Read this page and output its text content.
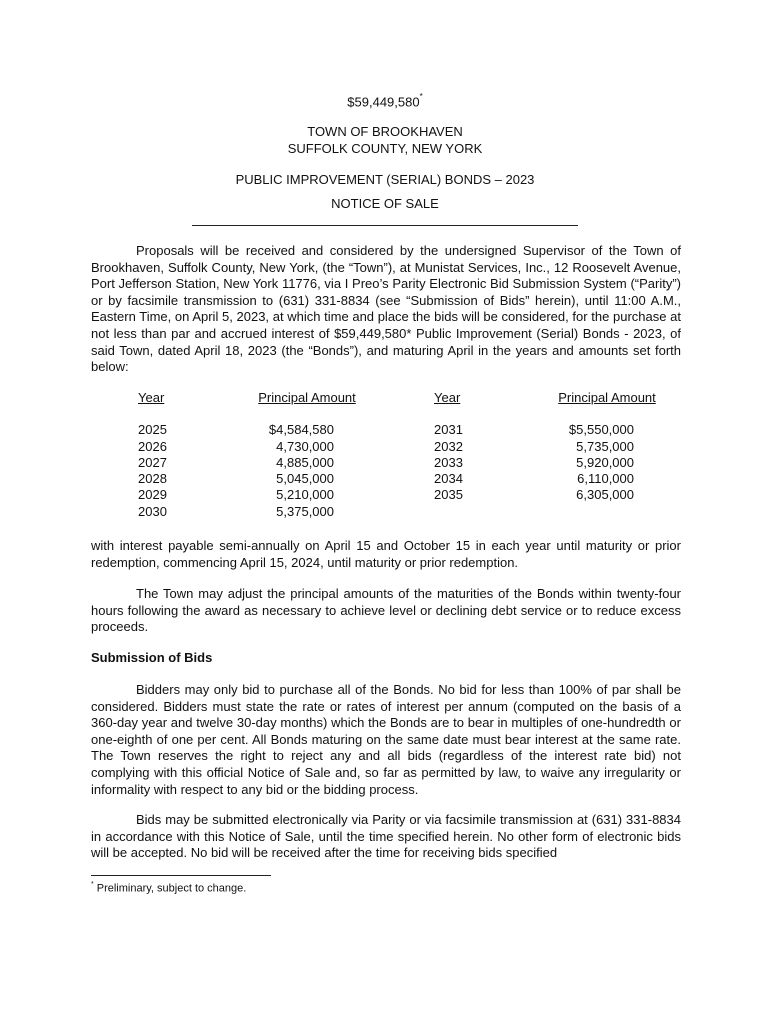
$59,449,580*
TOWN OF BROOKHAVEN
SUFFOLK COUNTY, NEW YORK
PUBLIC IMPROVEMENT (SERIAL) BONDS – 2023
NOTICE OF SALE

Proposals will be received and considered by the undersigned Supervisor of the Town of Brookhaven, Suffolk County, New York, (the “Town”), at Munistat Services, Inc., 12 Roosevelt Avenue, Port Jefferson Station, New York 11776, via I Preo’s Parity Electronic Bid Submission System (“Parity”) or by facsimile transmission to (631) 331-8834 (see “Submission of Bids” herein), until 11:00 A.M., Eastern Time, on April 5, 2023, at which time and place the bids will be considered, for the purchase at not less than par and accrued interest of $59,449,580* Public Improvement (Serial) Bonds - 2023, of said Town, dated April 18, 2023 (the “Bonds”), and maturing April in the years and amounts set forth below:

Year
2025
2026
2027
2028
2029
2030
Principal Amount
$4,584,580
4,730,000
4,885,000
5,045,000
5,210,000
5,375,000
Year
2031
2032
2033
2034
2035
Principal Amount
$5,550,000
5,735,000
5,920,000
6,110,000
6,305,000

with interest payable semi-annually on April 15 and October 15 in each year until maturity or prior redemption, commencing April 15, 2024, until maturity or prior redemption.

The Town may adjust the principal amounts of the maturities of the Bonds within twenty-four hours following the award as necessary to achieve level or declining debt service or to reduce excess proceeds.

Submission of Bids

Bidders may only bid to purchase all of the Bonds. No bid for less than 100% of par shall be considered. Bidders must state the rate or rates of interest per annum (computed on the basis of a 360-day year and twelve 30-day months) which the Bonds are to bear in multiples of one-hundredth or one-eighth of one per cent. All Bonds maturing on the same date must bear interest at the same rate. The Town reserves the right to reject any and all bids (regardless of the interest rate bid) not complying with this official Notice of Sale and, so far as permitted by law, to waive any irregularity or informality with respect to any bid or the bidding process.

Bids may be submitted electronically via Parity or via facsimile transmission at (631) 331-8834 in accordance with this Notice of Sale, until the time specified herein. No other form of electronic bids will be accepted. No bid will be received after the time for receiving bids specified

* Preliminary, subject to change.
